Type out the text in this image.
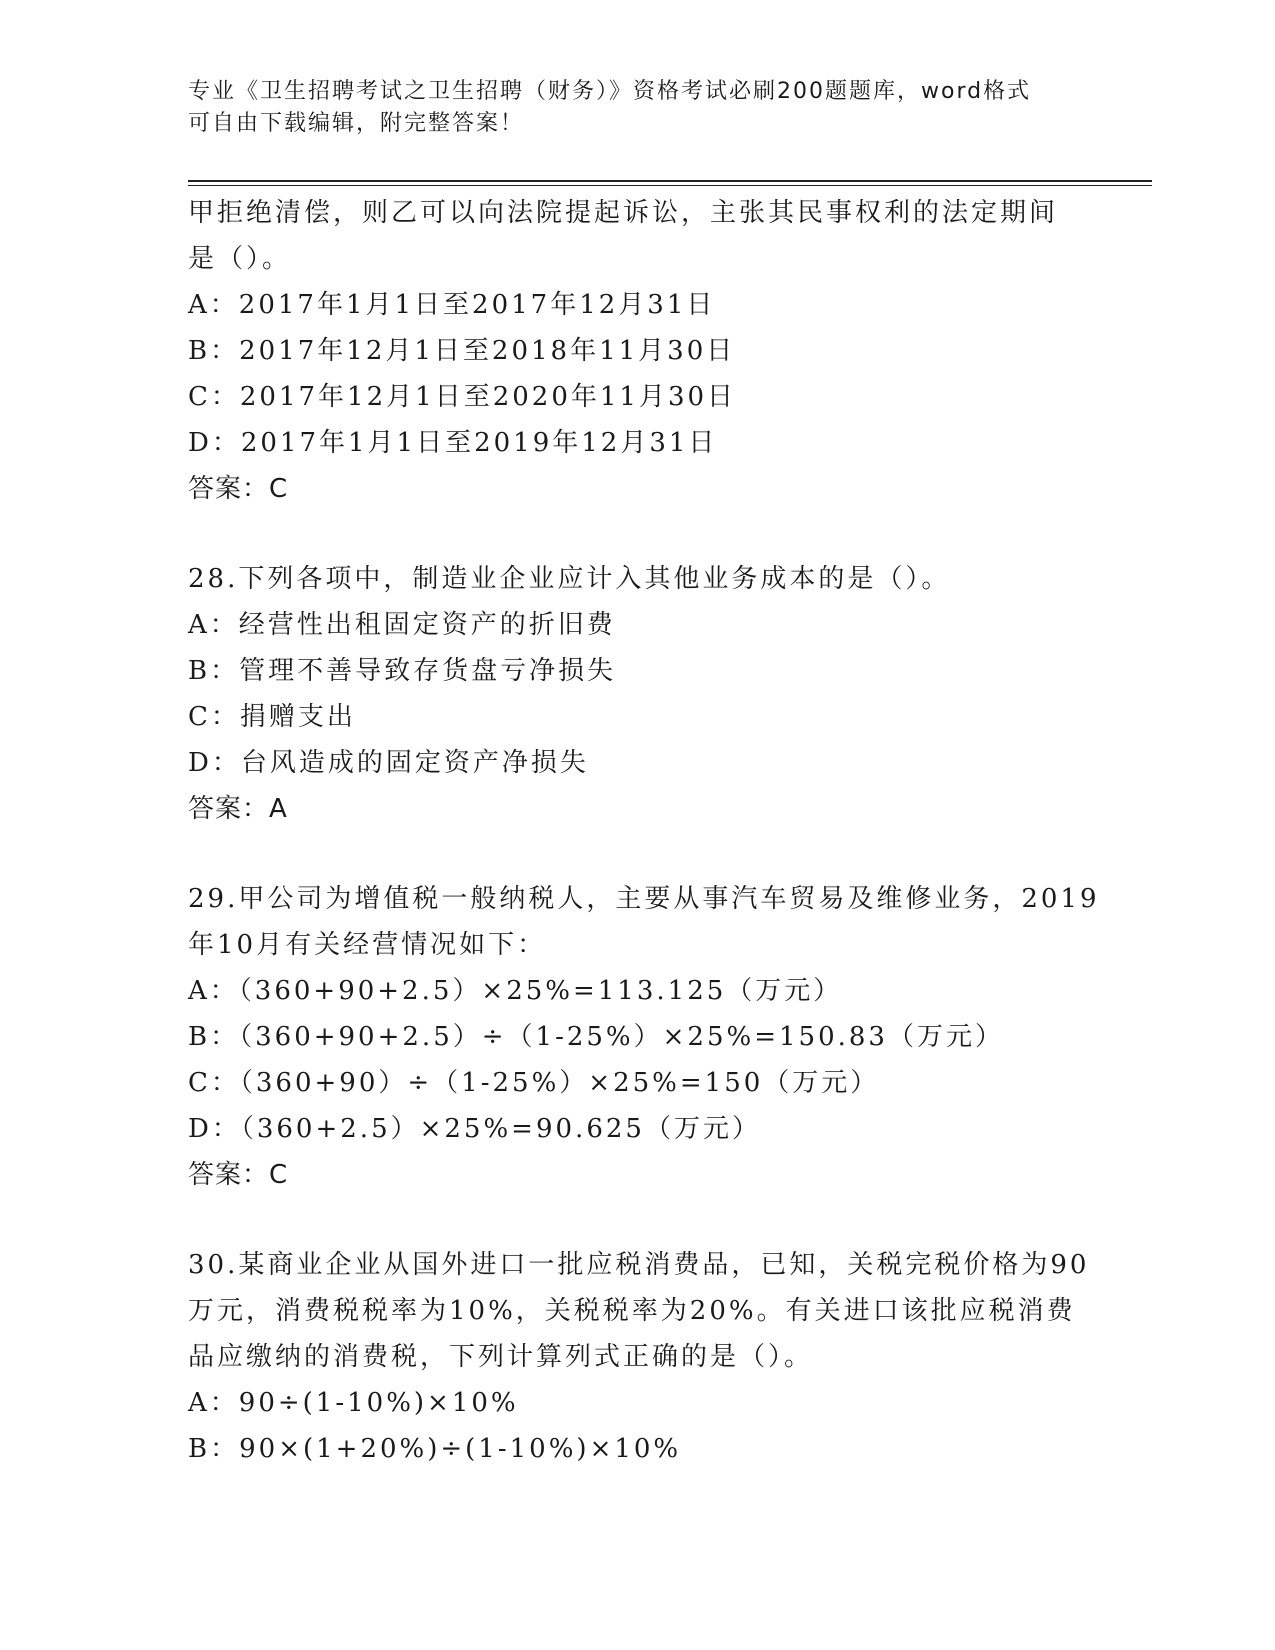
专业《卫生招聘考试之卫生招聘（财务）》资格考试必刷200题题库，word格式
可自由下载编辑，附完整答案！
甲拒绝清偿，则乙可以向法院提起诉讼，主张其民事权利的法定期间
是（）。
A：2017年1月1日至2017年12月31日
B：2017年12月1日至2018年11月30日
C：2017年12月1日至2020年11月30日
D：2017年1月1日至2019年12月31日
答案：C
28.下列各项中，制造业企业应计入其他业务成本的是（）。
A：经营性出租固定资产的折旧费
B：管理不善导致存货盘亏净损失
C：捐赠支出
D：台风造成的固定资产净损失
答案：A
29.甲公司为增值税一般纳税人，主要从事汽车贸易及维修业务，2019
年10月有关经营情况如下：
A：（360+90+2.5）×25%=113.125（万元）
B：（360+90+2.5）÷（1-25%）×25%=150.83（万元）
C：（360+90）÷（1-25%）×25%=150（万元）
D：（360+2.5）×25%=90.625（万元）
答案：C
30.某商业企业从国外进口一批应税消费品，已知，关税完税价格为90
万元，消费税税率为10%，关税税率为20%。有关进口该批应税消费
品应缴纳的消费税，下列计算列式正确的是（）。
A：90÷(1-10%)×10%
B：90×(1+20%)÷(1-10%)×10%
